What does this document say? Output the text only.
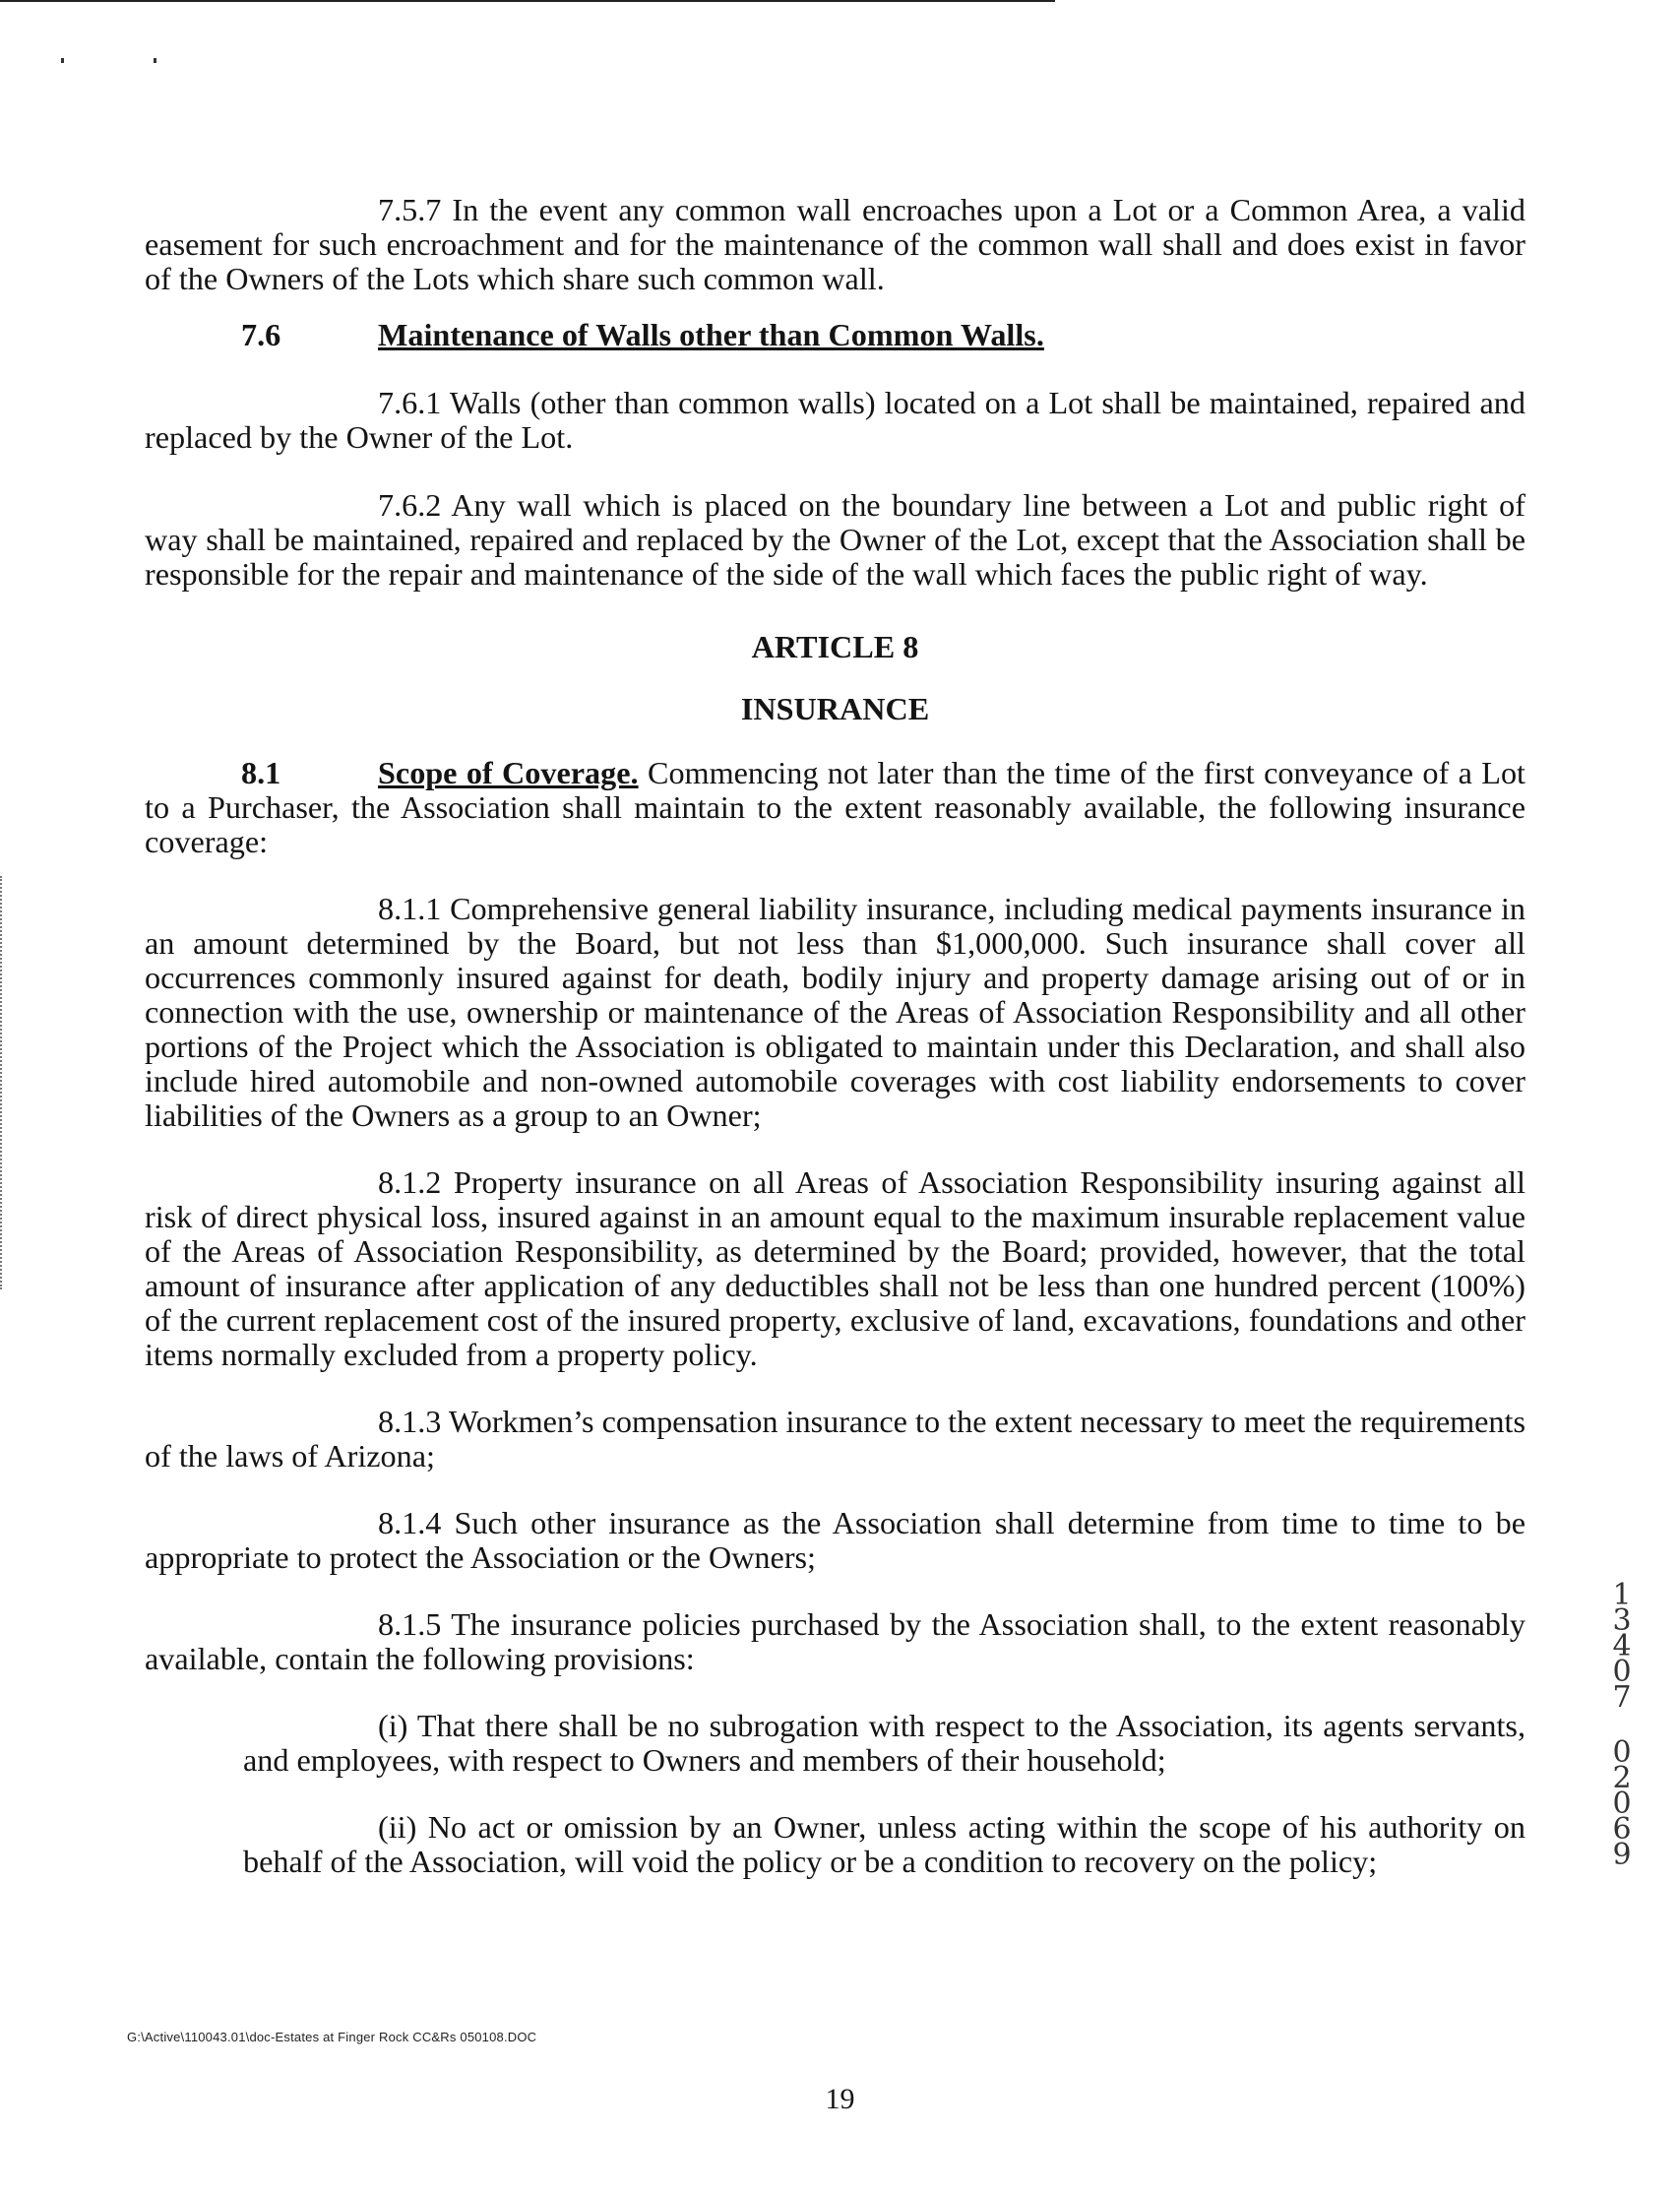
7.5.7 In the event any common wall encroaches upon a Lot or a Common Area, a valid easement for such encroachment and for the maintenance of the common wall shall and does exist in favor of the Owners of the Lots which share such common wall.

7.6	Maintenance of Walls other than Common Walls.

7.6.1 Walls (other than common walls) located on a Lot shall be maintained, repaired and replaced by the Owner of the Lot.

7.6.2 Any wall which is placed on the boundary line between a Lot and public right of way shall be maintained, repaired and replaced by the Owner of the Lot, except that the Association shall be responsible for the repair and maintenance of the side of the wall which faces the public right of way.

ARTICLE 8

INSURANCE

8.1	Scope of Coverage. Commencing not later than the time of the first conveyance of a Lot to a Purchaser, the Association shall maintain to the extent reasonably available, the following insurance coverage:

8.1.1 Comprehensive general liability insurance, including medical payments insurance in an amount determined by the Board, but not less than $1,000,000. Such insurance shall cover all occurrences commonly insured against for death, bodily injury and property damage arising out of or in connection with the use, ownership or maintenance of the Areas of Association Responsibility and all other portions of the Project which the Association is obligated to maintain under this Declaration, and shall also include hired automobile and non-owned automobile coverages with cost liability endorsements to cover liabilities of the Owners as a group to an Owner;

8.1.2 Property insurance on all Areas of Association Responsibility insuring against all risk of direct physical loss, insured against in an amount equal to the maximum insurable replacement value of the Areas of Association Responsibility, as determined by the Board; provided, however, that the total amount of insurance after application of any deductibles shall not be less than one hundred percent (100%) of the current replacement cost of the insured property, exclusive of land, excavations, foundations and other items normally excluded from a property policy.

8.1.3 Workmen’s compensation insurance to the extent necessary to meet the requirements of the laws of Arizona;

8.1.4 Such other insurance as the Association shall determine from time to time to be appropriate to protect the Association or the Owners;

8.1.5 The insurance policies purchased by the Association shall, to the extent reasonably available, contain the following provisions:

(i) That there shall be no subrogation with respect to the Association, its agents servants, and employees, with respect to Owners and members of their household;

(ii) No act or omission by an Owner, unless acting within the scope of his authority on behalf of the Association, will void the policy or be a condition to recovery on the policy;

1
3
4
0
7
0
2
0
6
9
G:\Active\110043.01\doc-Estates at Finger Rock CC&Rs 050108.DOC
19
